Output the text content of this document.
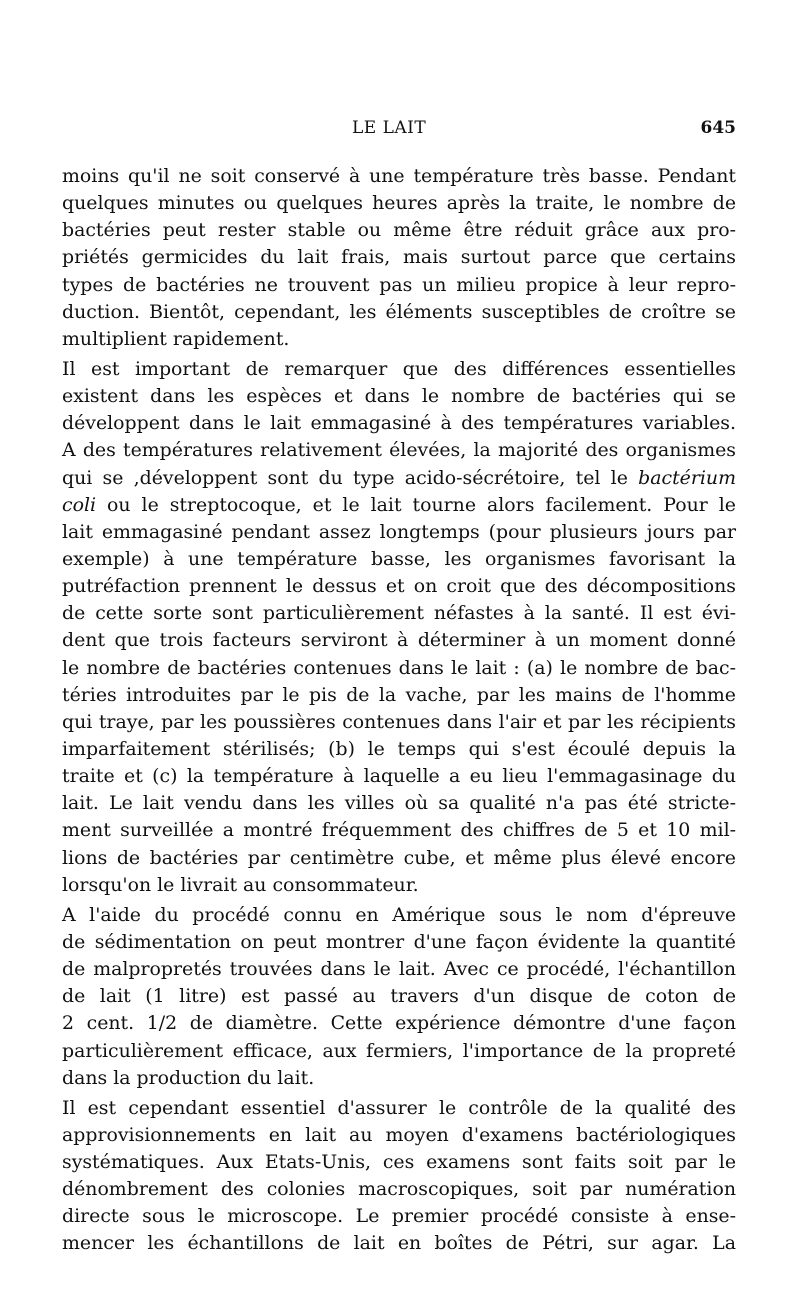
LE LAIT	645
moins qu'il ne soit conservé à une température très basse. Pendant
quelques minutes ou quelques heures après la traite, le nombre de
bactéries peut rester stable ou même être réduit grâce aux pro-
priétés germicides du lait frais, mais surtout parce que certains
types de bactéries ne trouvent pas un milieu propice à leur repro-
duction. Bientôt, cependant, les éléments susceptibles de croître se
multiplient rapidement.
Il est important de remarquer que des différences essentielles
existent dans les espèces et dans le nombre de bactéries qui se
développent dans le lait emmagasiné à des températures variables.
A des températures relativement élevées, la majorité des organismes
qui se ,développent sont du type acido-sécrétoire, tel le bactérium
coli ou le streptocoque, et le lait tourne alors facilement. Pour le
lait emmagasiné pendant assez longtemps (pour plusieurs jours par
exemple) à une température basse, les organismes favorisant la
putréfaction prennent le dessus et on croit que des décompositions
de cette sorte sont particulièrement néfastes à la santé. Il est évi-
dent que trois facteurs serviront à déterminer à un moment donné
le nombre de bactéries contenues dans le lait : (a) le nombre de bac-
téries introduites par le pis de la vache, par les mains de l'homme
qui traye, par les poussières contenues dans l'air et par les récipients
imparfaitement stérilisés; (b) le temps qui s'est écoulé depuis la
traite et (c) la température à laquelle a eu lieu l'emmagasinage du
lait. Le lait vendu dans les villes où sa qualité n'a pas été stricte-
ment surveillée a montré fréquemment des chiffres de 5 et 10 mil-
lions de bactéries par centimètre cube, et même plus élevé encore
lorsqu'on le livrait au consommateur.
A l'aide du procédé connu en Amérique sous le nom d'épreuve
de sédimentation on peut montrer d'une façon évidente la quantité
de malpropretés trouvées dans le lait. Avec ce procédé, l'échantillon
de lait (1 litre) est passé au travers d'un disque de coton de
2 cent. 1/2 de diamètre. Cette expérience démontre d'une façon
particulièrement efficace, aux fermiers, l'importance de la propreté
dans la production du lait.
Il est cependant essentiel d'assurer le contrôle de la qualité des
approvisionnements en lait au moyen d'examens bactériologiques
systématiques. Aux Etats-Unis, ces examens sont faits soit par le
dénombrement des colonies macroscopiques, soit par numération
directe sous le microscope. Le premier procédé consiste à ense-
mencer les échantillons de lait en boîtes de Pétri, sur agar. La
